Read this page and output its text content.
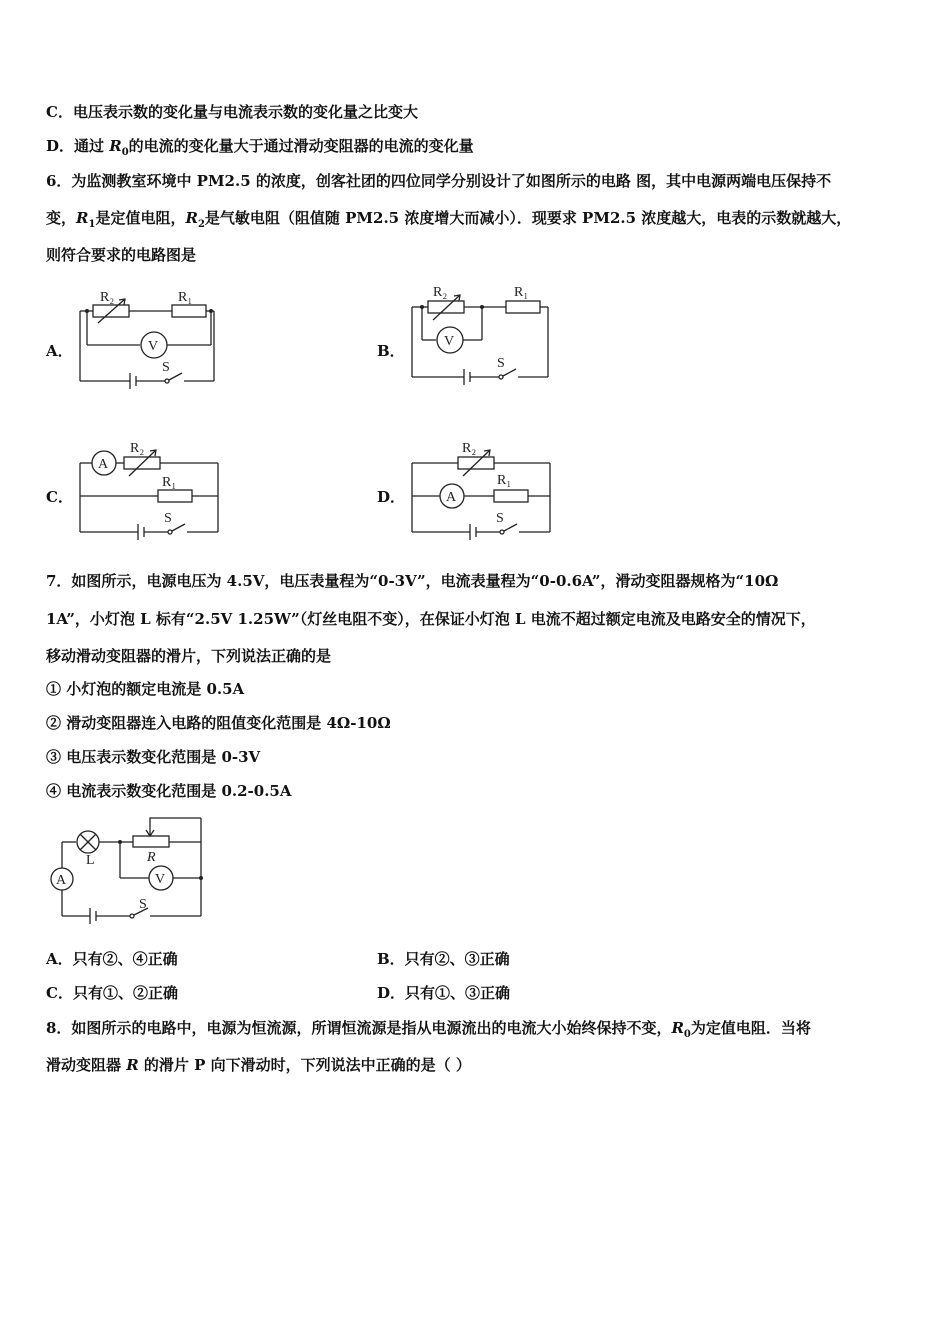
C．电压表示数的变化量与电流表示数的变化量之比变大
D．通过 $R_0$的电流的变化量大于通过滑动变阻器的电流的变化量
6．为监测教室环境中 PM2.5 的浓度，创客社团的四位同学分别设计了如图所示的电路 图，其中电源两端电压保持不
变，$R_1$是定值电阻，$R_2$是气敏电阻（阻值随 PM2.5 浓度增大而减小）．现要求 PM2.5 浓度越大，电表的示数就越大，
则符合要求的电路图是
A．	B．
C．	D．
R₂	R₁
V
S
R₂	R₁
V
S
R₂
R₁
A
S
R₂
R₁
A
S
7．如图所示，电源电压为 4.5V，电压表量程为“0-3V”，电流表量程为“0-0.6A”，滑动变阻器规格为“10Ω
1A”，小灯泡 L 标有“2.5V 1.25W”（灯丝电阻不变），在保证小灯泡 L 电流不超过额定电流及电路安全的情况下，
移动滑动变阻器的滑片，下列说法正确的是
① 小灯泡的额定电流是 0.5A
② 滑动变阻器连入电路的阻值变化范围是 4Ω-10Ω
③ 电压表示数变化范围是 0-3V
④ 电流表示数变化范围是 0.2-0.5A
L	R
V
A
S
A．只有②、④正确	B．只有②、③正确
C．只有①、②正确	D．只有①、③正确
8．如图所示的电路中，电源为恒流源，所谓恒流源是指从电源流出的电流大小始终保持不变，$R_0$为定值电阻．当将
滑动变阻器 R 的滑片 P 向下滑动时，下列说法中正确的是（ ）
